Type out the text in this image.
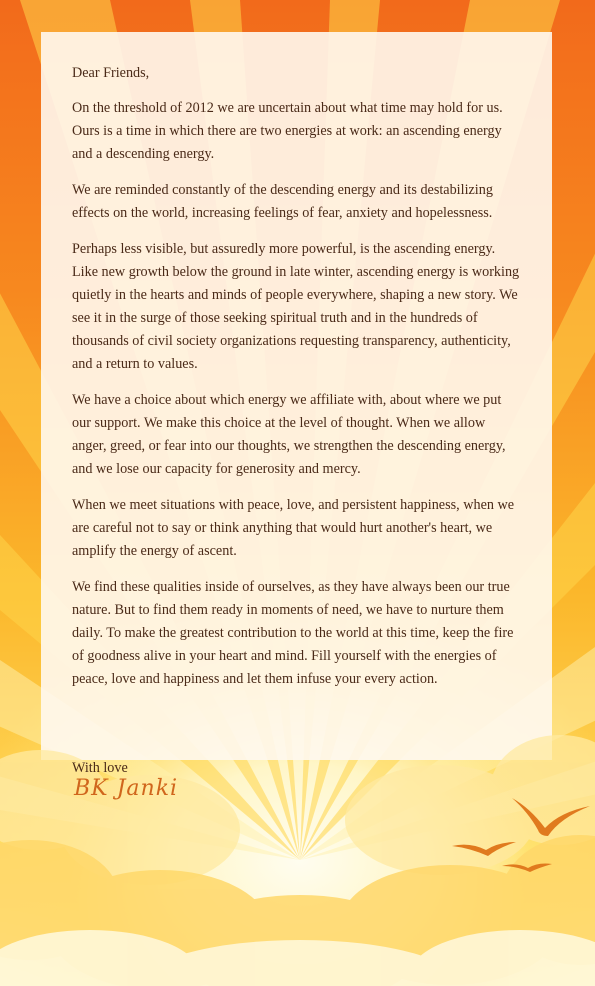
Dear Friends,

On the threshold of 2012 we are uncertain about what time may hold for us. Ours is a time in which there are two energies at work: an ascending energy and a descending energy.

We are reminded constantly of the descending energy and its destabilizing effects on the world, increasing feelings of fear, anxiety and hopelessness.

Perhaps less visible, but assuredly more powerful, is the ascending energy. Like new growth below the ground in late winter, ascending energy is working quietly in the hearts and minds of people everywhere, shaping a new story. We see it in the surge of those seeking spiritual truth and in the hundreds of thousands of civil society organizations requesting transparency, authenticity, and a return to values.

We have a choice about which energy we affiliate with, about where we put our support. We make this choice at the level of thought. When we allow anger, greed, or fear into our thoughts, we strengthen the descending energy, and we lose our capacity for generosity and mercy.

When we meet situations with peace, love, and persistent happiness, when we are careful not to say or think anything that would hurt another's heart, we amplify the energy of ascent.

We find these qualities inside of ourselves, as they have always been our true nature. But to find them ready in moments of need, we have to nurture them daily. To make the greatest contribution to the world at this time, keep the fire of goodness alive in your heart and mind. Fill yourself with the energies of peace, love and happiness and let them infuse your every action.

With love
BK Janki
